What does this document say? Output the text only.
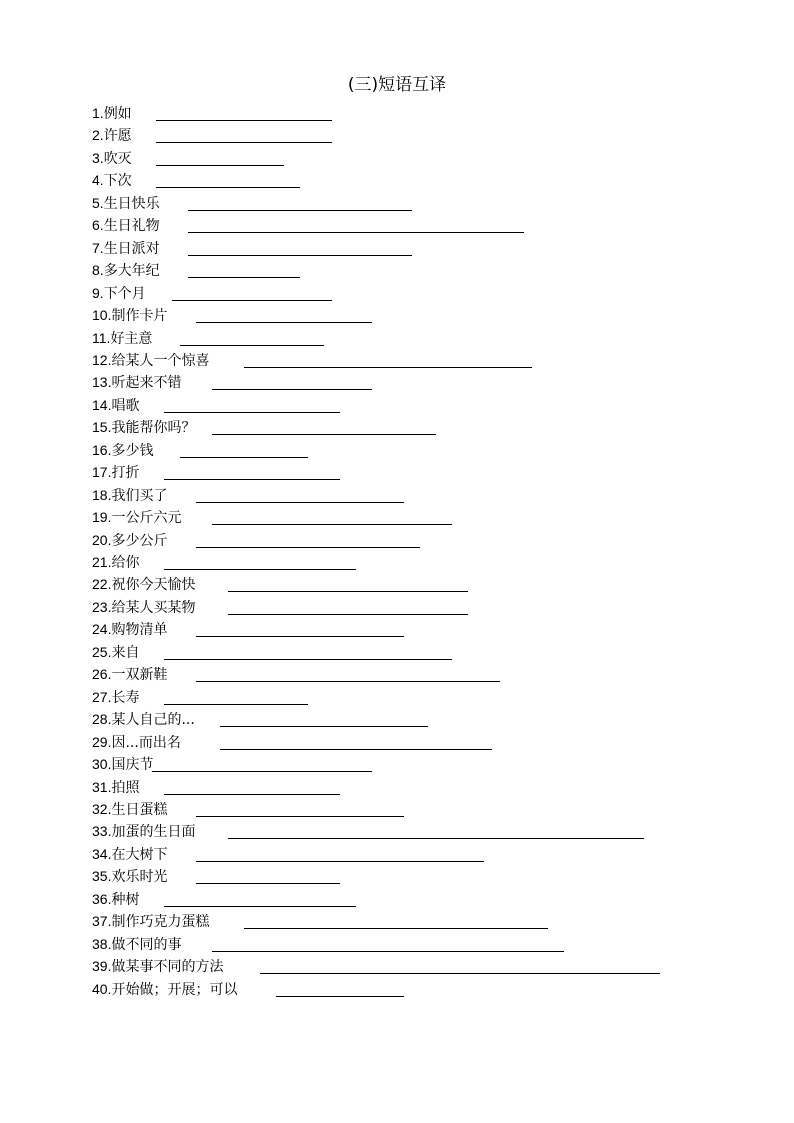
(三)短语互译
1.例如
2.许愿
3.吹灭
4.下次
5.生日快乐
6.生日礼物
7.生日派对
8.多大年纪
9.下个月
10.制作卡片
11.好主意
12.给某人一个惊喜
13.听起来不错
14.唱歌
15.我能帮你吗？
16.多少钱
17.打折
18.我们买了
19.一公斤六元
20.多少公斤
21.给你
22.祝你今天愉快
23.给某人买某物
24.购物清单
25.来自
26.一双新鞋
27.长寿
28.某人自己的...
29.因...而出名
30.国庆节
31.拍照
32.生日蛋糕
33.加蛋的生日面
34.在大树下
35.欢乐时光
36.种树
37.制作巧克力蛋糕
38.做不同的事
39.做某事不同的方法
40.开始做；开展；可以
